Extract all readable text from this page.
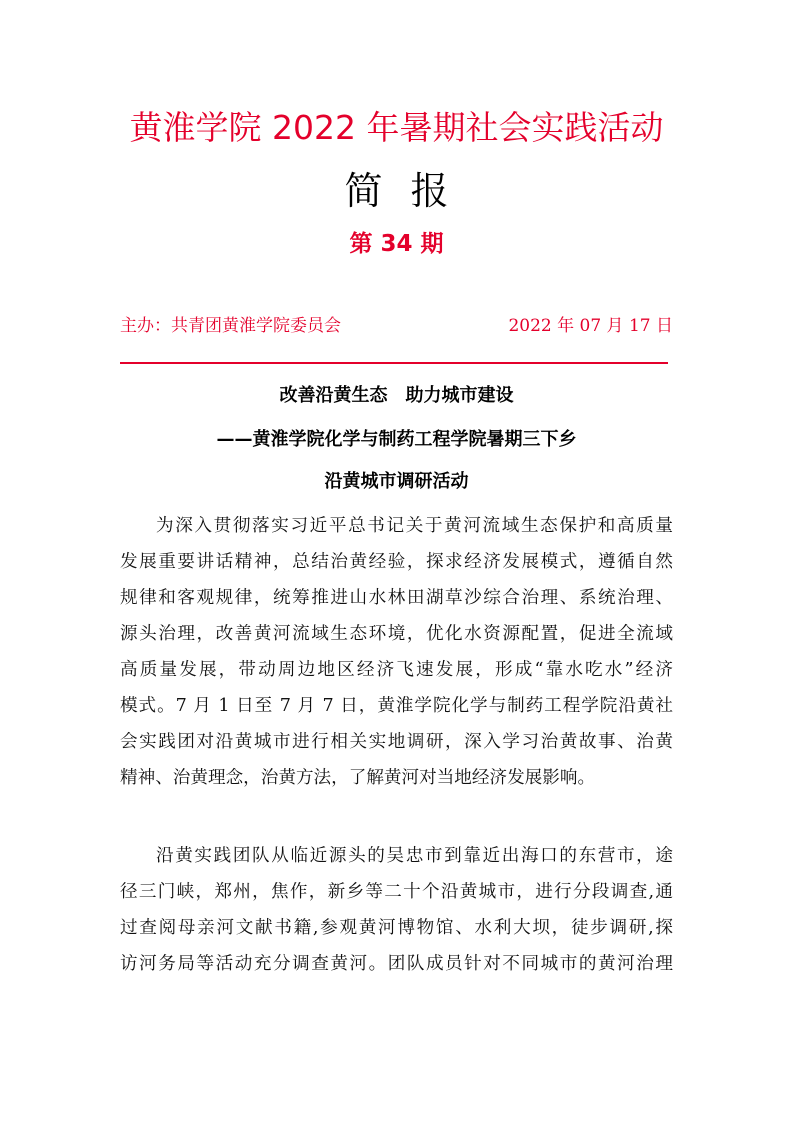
黄淮学院 2022 年暑期社会实践活动
简报
第 34 期
主办：共青团黄淮学院委员会	2022 年 07 月 17 日
改善沿黄生态　助力城市建设
——黄淮学院化学与制药工程学院暑期三下乡
沿黄城市调研活动
为深入贯彻落实习近平总书记关于黄河流域生态保护和高质量
发展重要讲话精神，总结治黄经验，探求经济发展模式，遵循自然
规律和客观规律，统筹推进山水林田湖草沙综合治理、系统治理、
源头治理，改善黄河流域生态环境，优化水资源配置，促进全流域
高质量发展，带动周边地区经济飞速发展，形成“靠水吃水”经济
模式。7 月 1 日至 7 月 7 日，黄淮学院化学与制药工程学院沿黄社
会实践团对沿黄城市进行相关实地调研，深入学习治黄故事、治黄
精神、治黄理念，治黄方法，了解黄河对当地经济发展影响。
沿黄实践团队从临近源头的吴忠市到靠近出海口的东营市，途
径三门峡，郑州，焦作，新乡等二十个沿黄城市，进行分段调查,通
过查阅母亲河文献书籍,参观黄河博物馆、水利大坝，徒步调研,探
访河务局等活动充分调查黄河。团队成员针对不同城市的黄河治理
